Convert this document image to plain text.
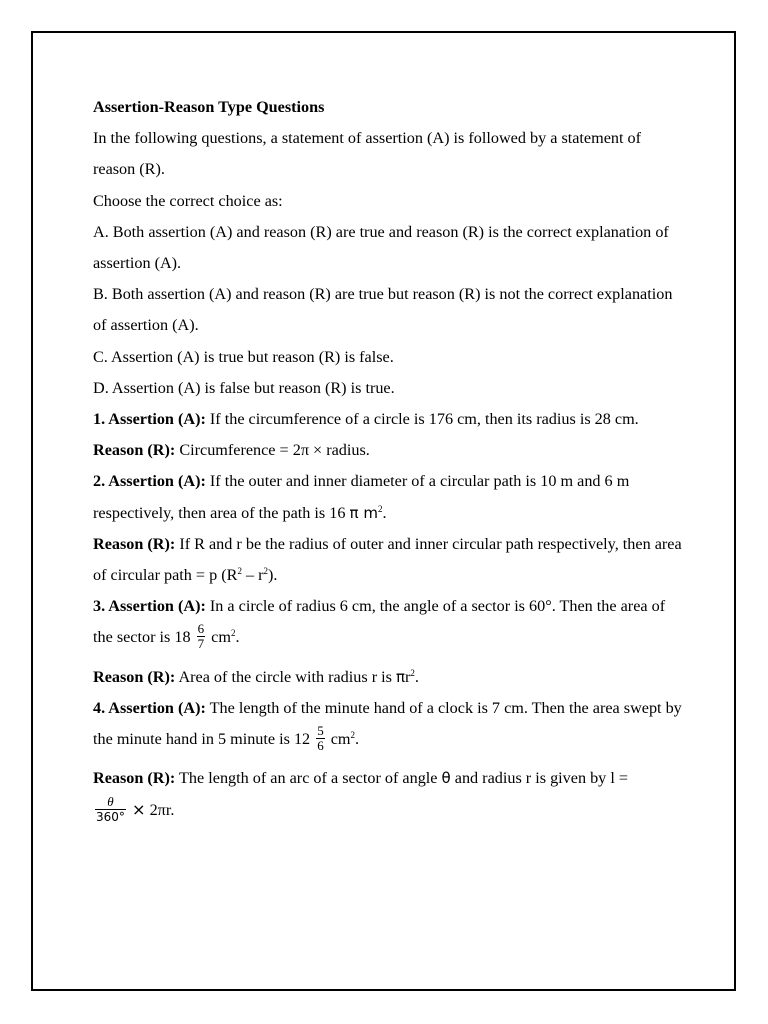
Assertion-Reason Type Questions

In the following questions, a statement of assertion (A) is followed by a statement of reason (R).

Choose the correct choice as:

A. Both assertion (A) and reason (R) are true and reason (R) is the correct explanation of assertion (A).

B. Both assertion (A) and reason (R) are true but reason (R) is not the correct explanation of assertion (A).

C. Assertion (A) is true but reason (R) is false.

D. Assertion (A) is false but reason (R) is true.

1. Assertion (A): If the circumference of a circle is 176 cm, then its radius is 28 cm.

Reason (R): Circumference = 2π × radius.

2. Assertion (A): If the outer and inner diameter of a circular path is 10 m and 6 m respectively, then area of the path is 16 π $m^2$.

Reason (R): If R and r be the radius of outer and inner circular path respectively, then area of circular path = p $(R^2 - r^2)$.

3. Assertion (A): In a circle of radius 6 cm, the angle of a sector is 60°. Then the area of the sector is $18 \frac{6}{7} cm^2$.

Reason (R): Area of the circle with radius r is $\pi r^2$.

4. Assertion (A): The length of the minute hand of a clock is 7 cm. Then the area swept by the minute hand in 5 minute is $12 \frac{5}{6} cm^2$.

Reason (R): The length of an arc of a sector of angle θ and radius r is given by l =

$\frac{\theta}{360^\circ} \times 2\pi r$.
